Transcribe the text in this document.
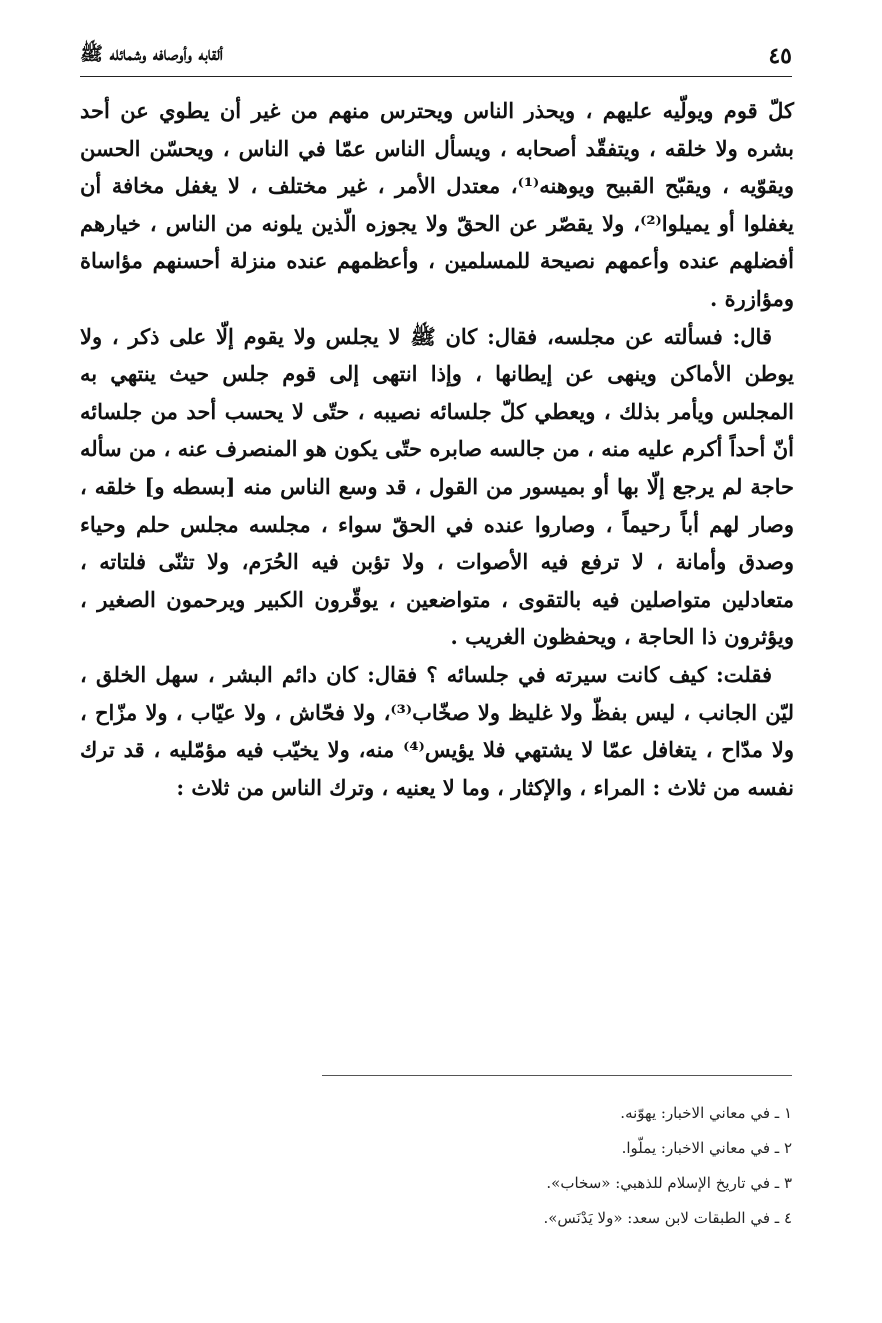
ألقابه وأوصافه وشمائله ﷺ	٤٥

كلّ قوم ويولّيه عليهم ، ويحذر الناس ويحترس منهم من غير أن يطوي عن أحد بشره ولا خلقه ، ويتفقّد أصحابه ، ويسأل الناس عمّا في الناس ، ويحسّن الحسن ويقوّيه ، ويقبّح القبيح ويوهنه⁽¹⁾، معتدل الأمر ، غير مختلف ، لا يغفل مخافة أن يغفلوا أو يميلوا⁽²⁾، ولا يقصّر عن الحقّ ولا يجوزه الّذين يلونه من الناس ، خيارهم أفضلهم عنده وأعمهم نصيحة للمسلمين ، وأعظمهم عنده منزلة أحسنهم مؤاساة ومؤازرة .

قال: فسألته عن مجلسه، فقال: كان ﷺ لا يجلس ولا يقوم إلّا على ذكر ، ولا يوطن الأماكن وينهى عن إيطانها ، وإذا انتهى إلى قوم جلس حيث ينتهي به المجلس ويأمر بذلك ، ويعطي كلّ جلسائه نصيبه ، حتّى لا يحسب أحد من جلسائه أنّ أحداً أكرم عليه منه ، من جالسه صابره حتّى يكون هو المنصرف عنه ، من سأله حاجة لم يرجع إلّا بها أو بميسور من القول ، قد وسع الناس منه [بسطه و] خلقه ، وصار لهم أباً رحيماً ، وصاروا عنده في الحقّ سواء ، مجلسه مجلس حلم وحياء وصدق وأمانة ، لا ترفع فيه الأصوات ، ولا تؤبن فيه الحُرَم، ولا تثنّى فلتاته ، متعادلين متواصلين فيه بالتقوى ، متواضعين ، يوقّرون الكبير ويرحمون الصغير ، ويؤثرون ذا الحاجة ، ويحفظون الغريب .

فقلت: كيف كانت سيرته في جلسائه ؟ فقال: كان دائم البشر ، سهل الخلق ، ليّن الجانب ، ليس بفظّ ولا غليظ ولا صخّاب⁽³⁾، ولا فحّاش ، ولا عيّاب ، ولا مزّاح ، ولا مدّاح ، يتغافل عمّا لا يشتهي فلا يؤيس⁽⁴⁾ منه، ولا يخيّب فيه مؤمّليه ، قد ترك نفسه من ثلاث : المراء ، والإكثار ، وما لا يعنيه ، وترك الناس من ثلاث :

١ ـ في معاني الاخبار: يهوّنه.
٢ ـ في معاني الاخبار: يملّوا.
٣ ـ في تاريخ الإسلام للذهبي: «سخاب».
٤ ـ في الطبقات لابن سعد: «ولا يَدْنَس».
